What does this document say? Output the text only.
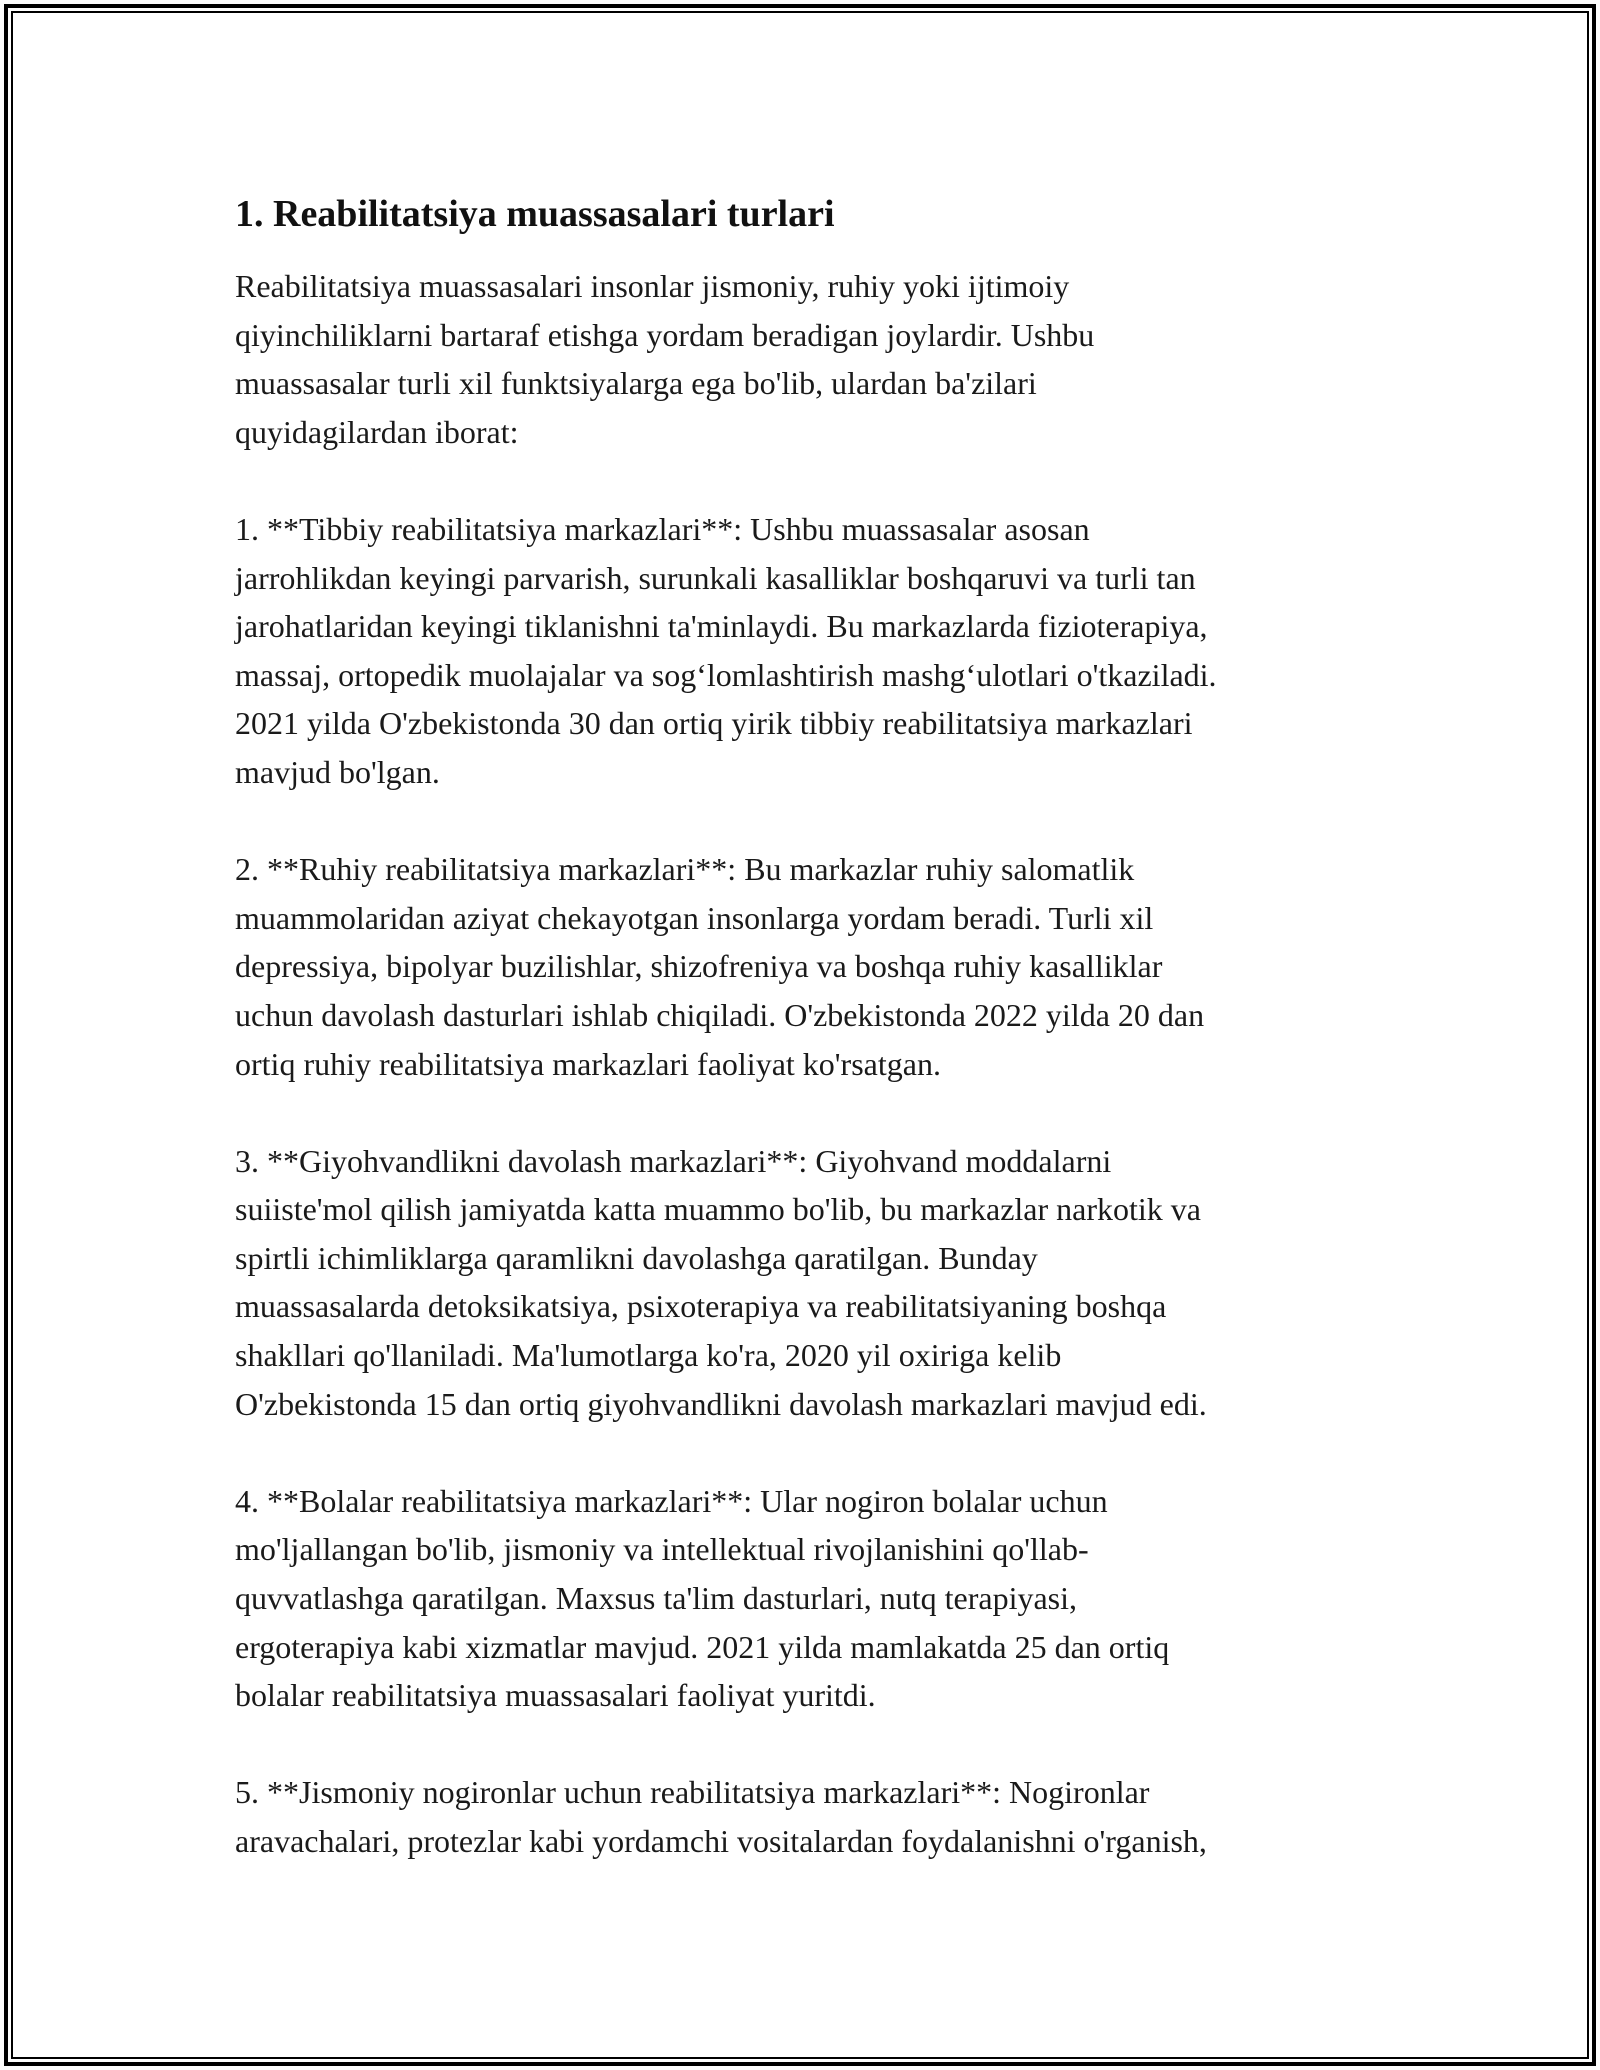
1. Reabilitatsiya muassasalari turlari
Reabilitatsiya muassasalari insonlar jismoniy, ruhiy yoki ijtimoiy
qiyinchiliklarni bartaraf etishga yordam beradigan joylardir. Ushbu
muassasalar turli xil funktsiyalarga ega bo'lib, ulardan ba'zilari
quyidagilardan iborat:
1. **Tibbiy reabilitatsiya markazlari**: Ushbu muassasalar asosan
jarrohlikdan keyingi parvarish, surunkali kasalliklar boshqaruvi va turli tan
jarohatlaridan keyingi tiklanishni ta'minlaydi. Bu markazlarda fizioterapiya,
massaj, ortopedik muolajalar va sog‘lomlashtirish mashg‘ulotlari o'tkaziladi.
2021 yilda O'zbekistonda 30 dan ortiq yirik tibbiy reabilitatsiya markazlari
mavjud bo'lgan.
2. **Ruhiy reabilitatsiya markazlari**: Bu markazlar ruhiy salomatlik
muammolaridan aziyat chekayotgan insonlarga yordam beradi. Turli xil
depressiya, bipolyar buzilishlar, shizofreniya va boshqa ruhiy kasalliklar
uchun davolash dasturlari ishlab chiqiladi. O'zbekistonda 2022 yilda 20 dan
ortiq ruhiy reabilitatsiya markazlari faoliyat ko'rsatgan.
3. **Giyohvandlikni davolash markazlari**: Giyohvand moddalarni
suiiste'mol qilish jamiyatda katta muammo bo'lib, bu markazlar narkotik va
spirtli ichimliklarga qaramlikni davolashga qaratilgan. Bunday
muassasalarda detoksikatsiya, psixoterapiya va reabilitatsiyaning boshqa
shakllari qo'llaniladi. Ma'lumotlarga ko'ra, 2020 yil oxiriga kelib
O'zbekistonda 15 dan ortiq giyohvandlikni davolash markazlari mavjud edi.
4. **Bolalar reabilitatsiya markazlari**: Ular nogiron bolalar uchun
mo'ljallangan bo'lib, jismoniy va intellektual rivojlanishini qo'llab-
quvvatlashga qaratilgan. Maxsus ta'lim dasturlari, nutq terapiyasi,
ergoterapiya kabi xizmatlar mavjud. 2021 yilda mamlakatda 25 dan ortiq
bolalar reabilitatsiya muassasalari faoliyat yuritdi.
5. **Jismoniy nogironlar uchun reabilitatsiya markazlari**: Nogironlar
aravachalari, protezlar kabi yordamchi vositalardan foydalanishni o'rganish,
